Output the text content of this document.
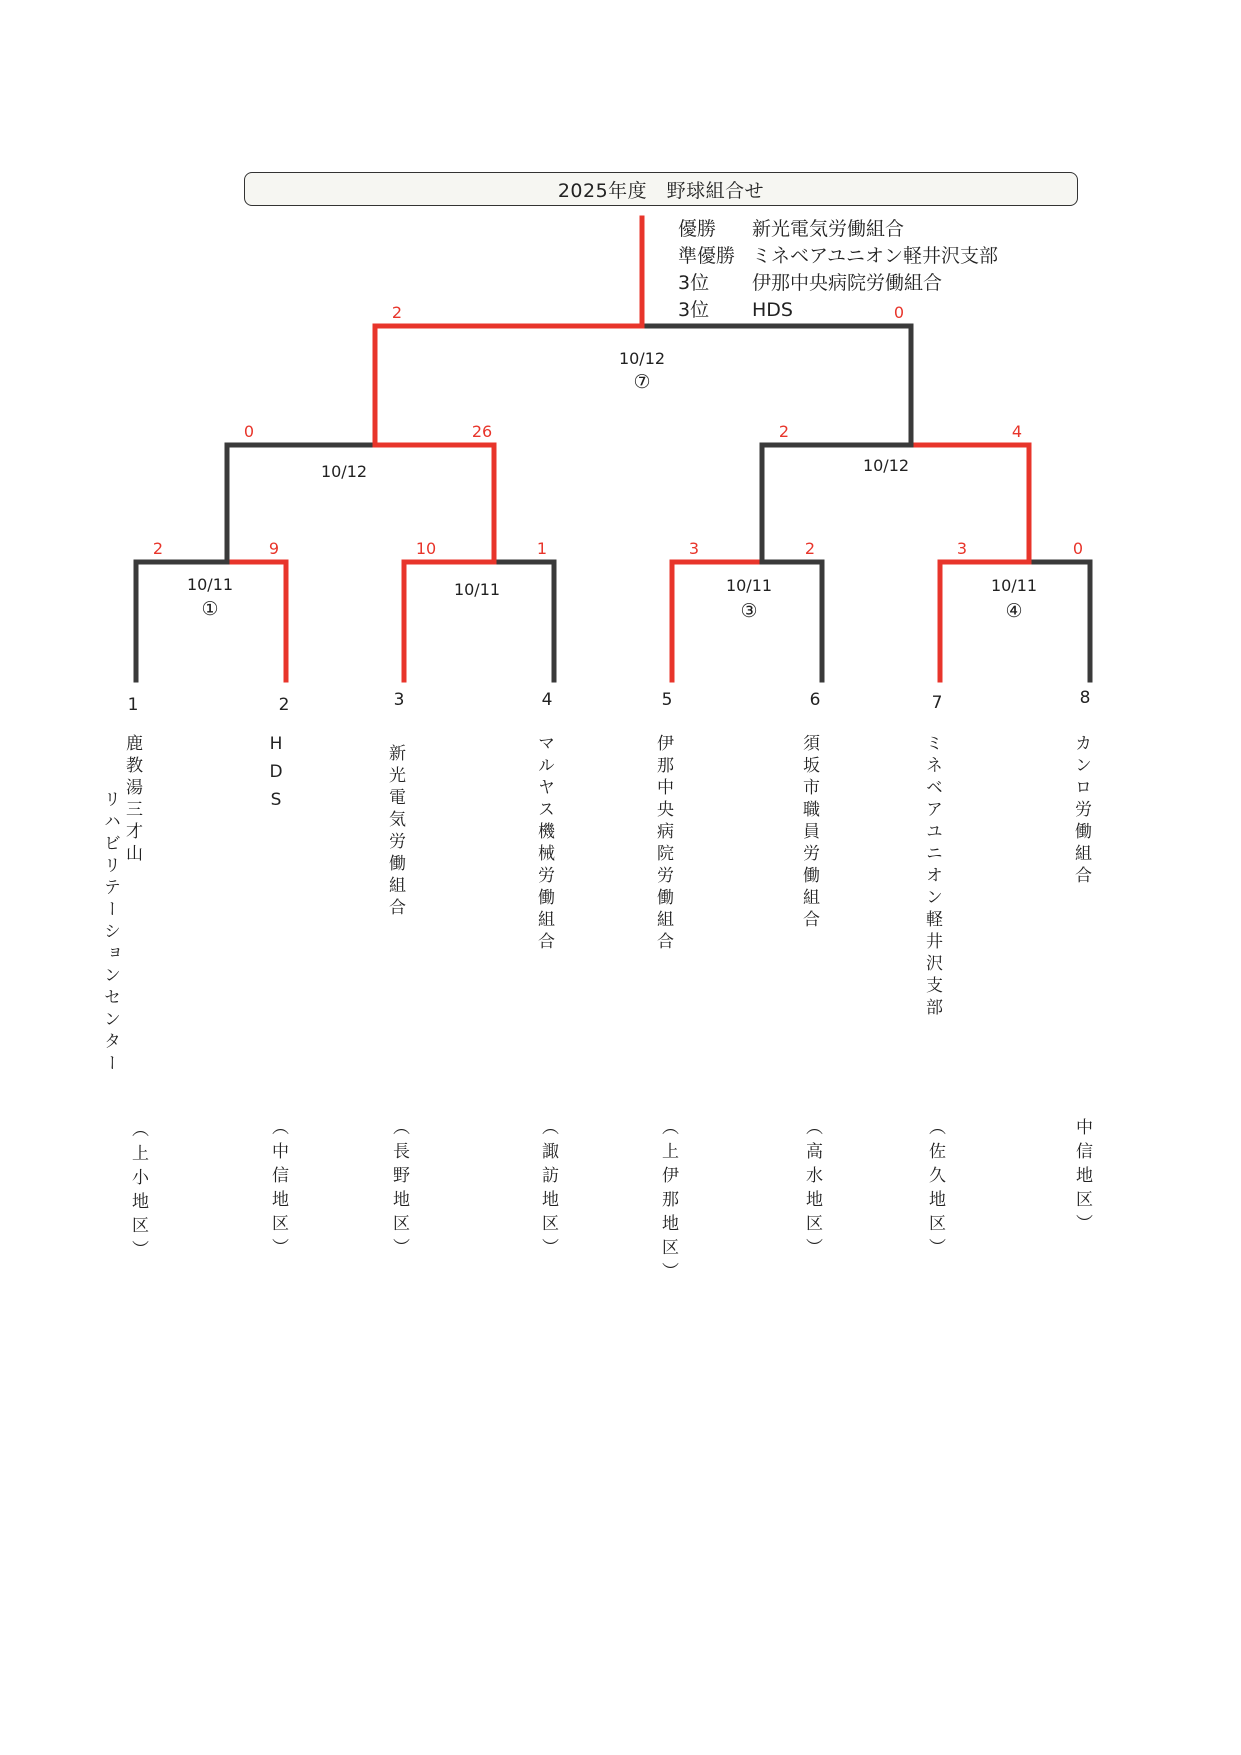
2025年度　野球組合せ
優勝	新光電気労働組合
準優勝 ミネベアユニオン軽井沢支部
3位	伊那中央病院労働組合
3位	HDS
2	9
10/11
①
10	1
10/11
3	2
10/11
③
3	0
10/11
④
0	26
10/12
2	4
10/12
2	0
10/12
⑦
1	2	3	4	5	6	7	8
鹿教湯三才山
リハビリテーションセンター
HDS	新光電気労働組合	マルヤス機械労働組合	伊那中央病院労働組合	須坂市職員労働組合	ミネベアユニオン軽井沢支部	カンロ労働組合
（上小地区）	（中信地区）	（長野地区）	（諏訪地区）	（上伊那地区）	（高水地区）	（佐久地区）	中信地区）
